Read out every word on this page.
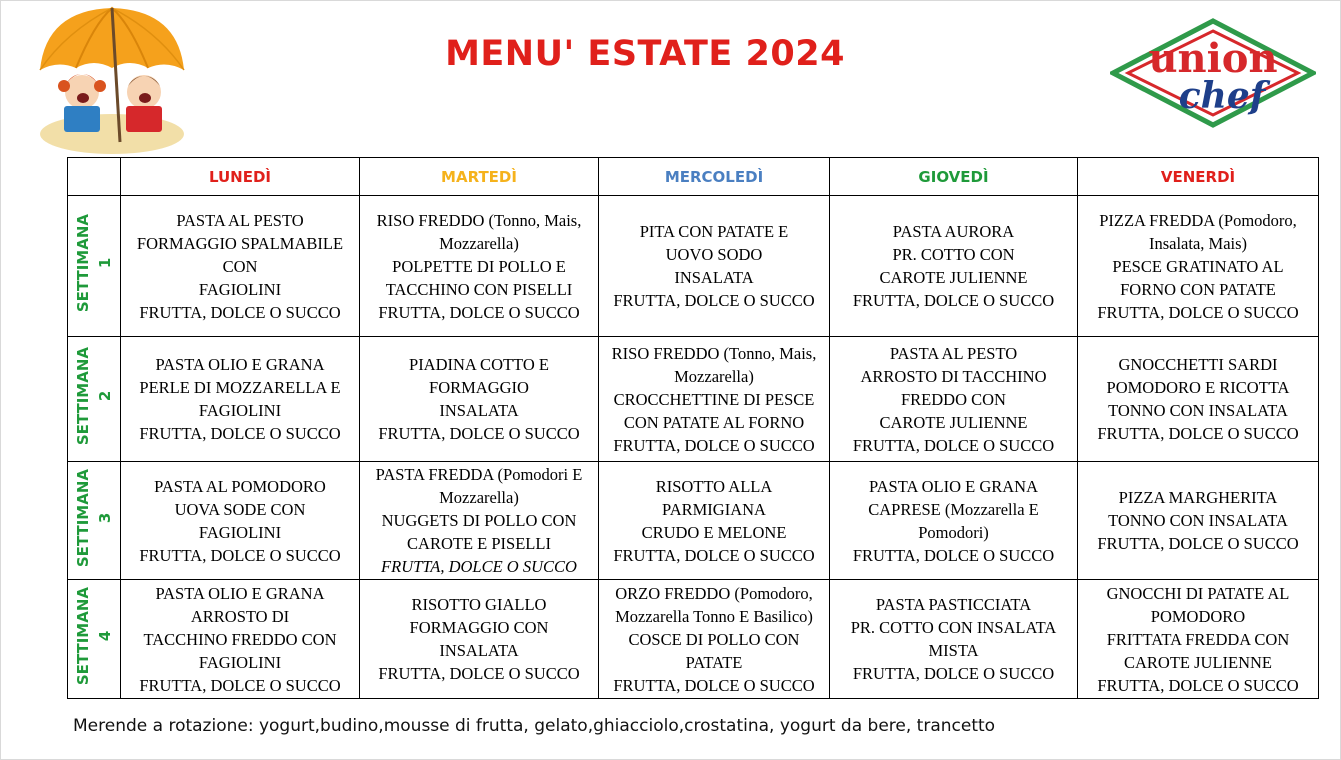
MENU' ESTATE 2024	union
chef
	LUNEDÌ	MARTEDÌ	MERCOLEDÌ	GIOVEDÌ	VENERDÌ
SETTIMANA 1	PASTA AL PESTO
FORMAGGIO SPALMABILE
CON
FAGIOLINI
FRUTTA, DOLCE O SUCCO	RISO FREDDO (Tonno, Mais,
Mozzarella)
POLPETTE DI POLLO E
TACCHINO CON PISELLI
FRUTTA, DOLCE O SUCCO	PITA CON PATATE E
UOVO SODO
INSALATA
FRUTTA, DOLCE O SUCCO	PASTA AURORA
PR. COTTO CON
CAROTE JULIENNE
FRUTTA, DOLCE O SUCCO	PIZZA FREDDA (Pomodoro,
Insalata, Mais)
PESCE GRATINATO AL
FORNO CON PATATE
FRUTTA, DOLCE O SUCCO

SETTIMANA 2	PASTA OLIO E GRANA
PERLE DI MOZZARELLA E
FAGIOLINI
FRUTTA, DOLCE O SUCCO	PIADINA COTTO E
FORMAGGIO
INSALATA
FRUTTA, DOLCE O SUCCO	RISO FREDDO (Tonno, Mais,
Mozzarella)
CROCCHETTINE DI PESCE
CON PATATE AL FORNO
FRUTTA, DOLCE O SUCCO	PASTA AL PESTO
ARROSTO DI TACCHINO
FREDDO CON
CAROTE JULIENNE
FRUTTA, DOLCE O SUCCO	GNOCCHETTI SARDI
POMODORO E RICOTTA
TONNO CON INSALATA
FRUTTA, DOLCE O SUCCO

SETTIMANA 3	PASTA AL POMODORO
UOVA SODE CON
FAGIOLINI
FRUTTA, DOLCE O SUCCO	PASTA FREDDA (Pomodori E
Mozzarella)
NUGGETS DI POLLO CON
CAROTE E PISELLI
FRUTTA, DOLCE O SUCCO	RISOTTO ALLA
PARMIGIANA
CRUDO E MELONE
FRUTTA, DOLCE O SUCCO	PASTA OLIO E GRANA
CAPRESE (Mozzarella E
Pomodori)
FRUTTA, DOLCE O SUCCO	PIZZA MARGHERITA
TONNO CON INSALATA
FRUTTA, DOLCE O SUCCO

SETTIMANA 4	PASTA OLIO E GRANA
ARROSTO DI
TACCHINO FREDDO CON
FAGIOLINI
FRUTTA, DOLCE O SUCCO	RISOTTO GIALLO
FORMAGGIO CON
INSALATA
FRUTTA, DOLCE O SUCCO	ORZO FREDDO (Pomodoro,
Mozzarella Tonno E Basilico)
COSCE DI POLLO CON
PATATE
FRUTTA, DOLCE O SUCCO	PASTA PASTICCIATA
PR. COTTO CON INSALATA
MISTA
FRUTTA, DOLCE O SUCCO	GNOCCHI DI PATATE AL
POMODORO
FRITTATA FREDDA CON
CAROTE JULIENNE
FRUTTA, DOLCE O SUCCO
Merende a rotazione: yogurt,budino,mousse di frutta, gelato,ghiacciolo,crostatina, yogurt da bere, trancetto
